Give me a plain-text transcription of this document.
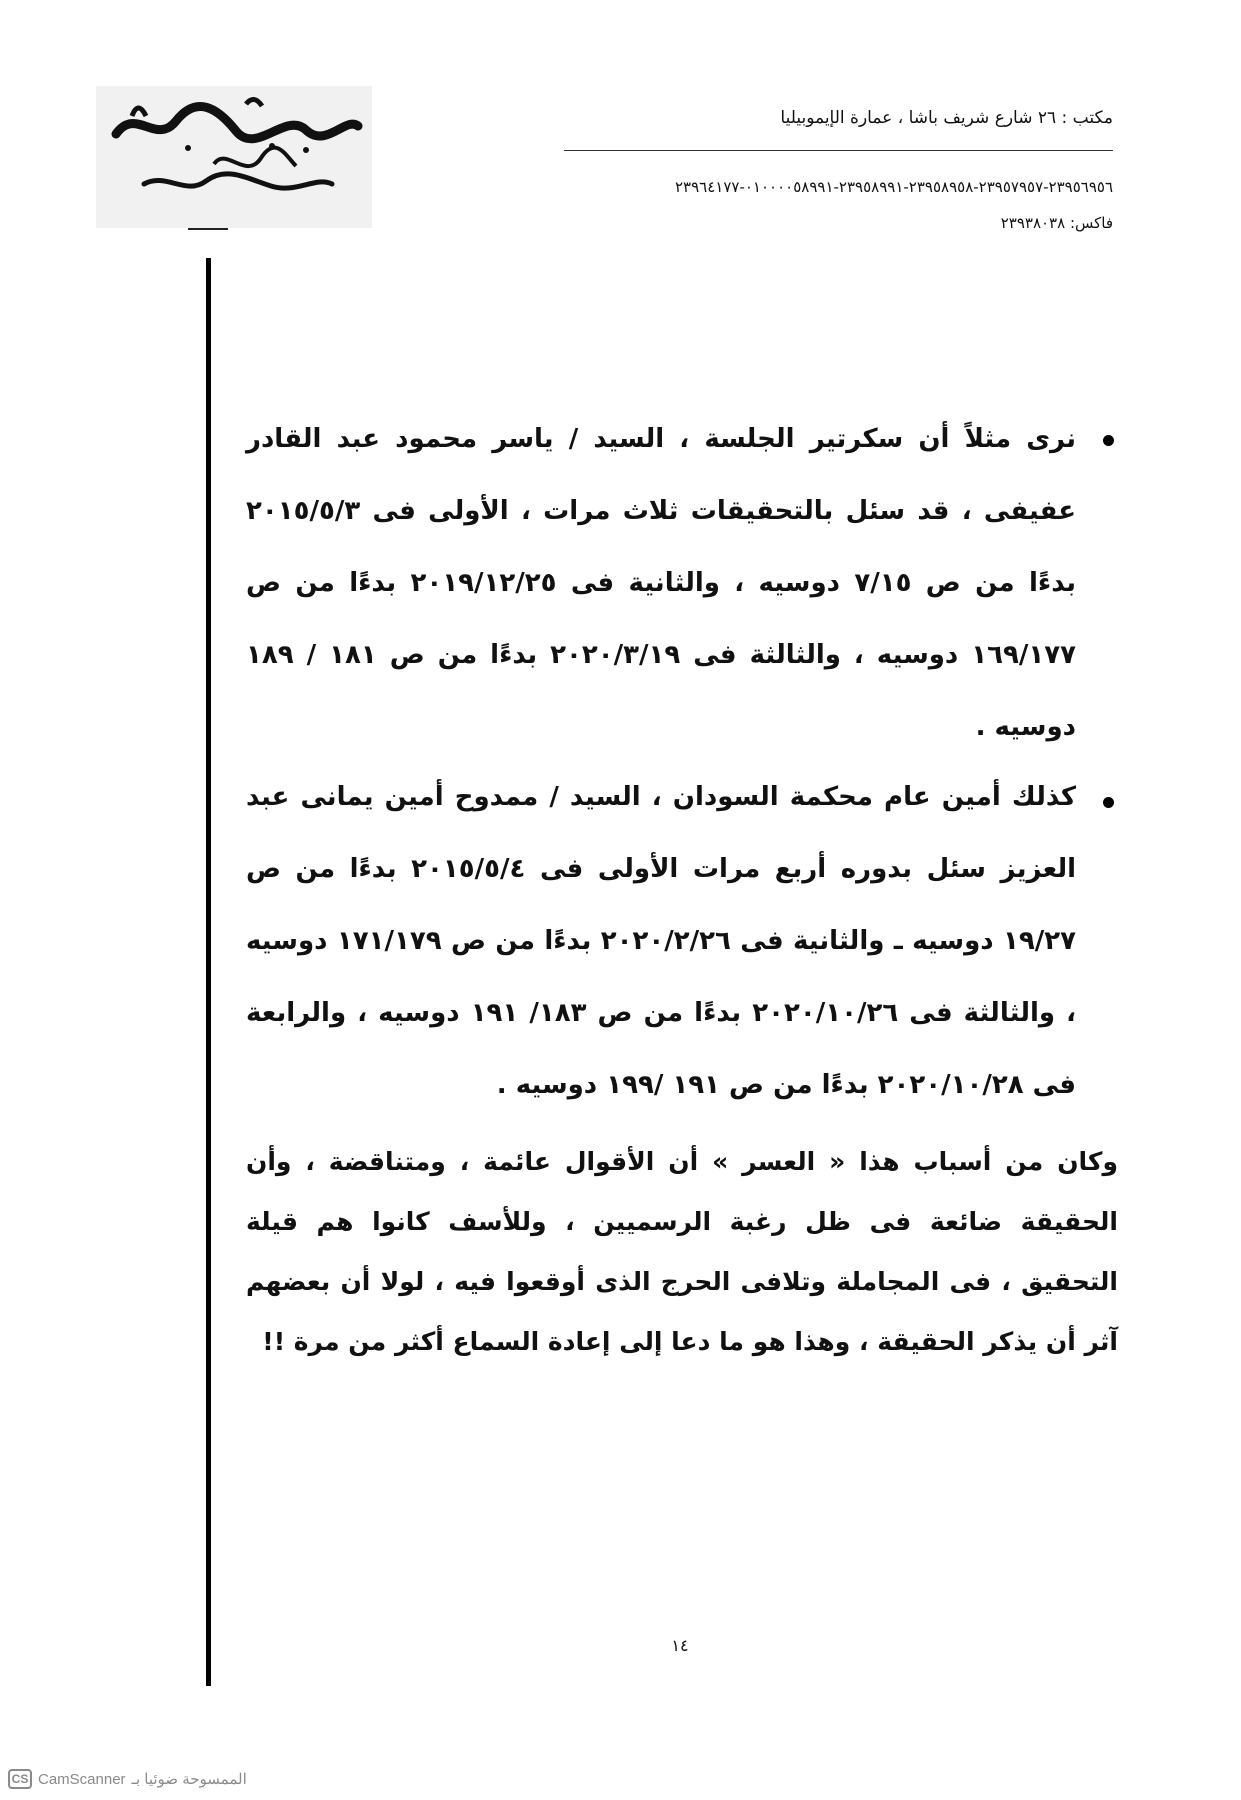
مكتب : ٢٦ شارع شريف باشا ، عمارة الإيموبيليا
٢٣٩٥٦٩٥٦-٢٣٩٥٧٩٥٧-٢٣٩٥٨٩٥٨-٢٣٩٥٨٩٩١-٠١٠٠٠٠٥٨٩٩١-٢٣٩٦٤١٧٧
فاكس: ٢٣٩٣٨٠٣٨
نرى مثلاً أن سكرتير الجلسة ، السيد / ياسر محمود عبد القادر عفيفى ، قد سئل بالتحقيقات ثلاث مرات ، الأولى فى ٢٠١٥/٥/٣ بدءًا من ص ٧/١٥ دوسيه ، والثانية فى ٢٠١٩/١٢/٢٥ بدءًا من ص ١٦٩/١٧٧ دوسيه ، والثالثة فى ٢٠٢٠/٣/١٩ بدءًا من ص ١٨١ / ١٨٩ دوسيه .
كذلك أمين عام محكمة السودان ، السيد / ممدوح أمين يمانى عبد العزيز سئل بدوره أربع مرات الأولى فى ٢٠١٥/٥/٤ بدءًا من ص ١٩/٢٧ دوسيه ـ والثانية فى ٢٠٢٠/٢/٢٦ بدءًا من ص ١٧١/١٧٩ دوسيه ، والثالثة فى ٢٠٢٠/١٠/٢٦ بدءًا من ص ١٨٣/ ١٩١ دوسيه ، والرابعة فى ٢٠٢٠/١٠/٢٨ بدءًا من ص ١٩١ /١٩٩ دوسيه .
وكان من أسباب هذا « العسر » أن الأقوال عائمة ، ومتناقضة ، وأن الحقيقة ضائعة فى ظل رغبة الرسميين ، وللأسف كانوا هم قيلة التحقيق ، فى المجاملة وتلافى الحرج الذى أوقعوا فيه ، لولا أن بعضهم آثر أن يذكر الحقيقة ، وهذا هو ما دعا إلى إعادة السماع أكثر من مرة !!
١٤
CS CamScanner الممسوحة ضوئيا بـ
